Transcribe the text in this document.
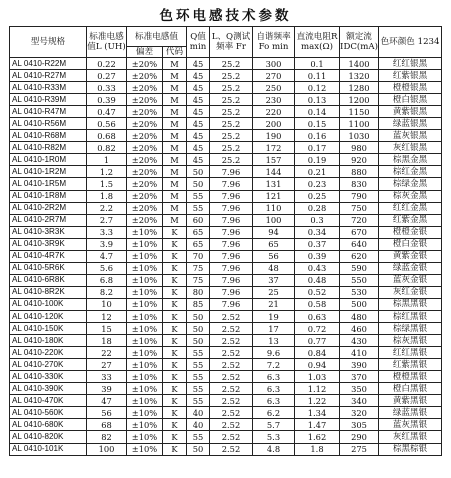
色环电感技术参数
型号规格	标准电感值L (UH)	标准电感值		Q值 min	L、Q测试频率 Fr	自谐频率Fo min	直流电阻R max(Ω)	额定流 IDC(mA)	色环颜色 1234
		偏差	代码						
AL 0410-R22M	0.22	±20%	M	45	25.2	300	0.1	1400	红红银黑
AL 0410-R27M	0.27	±20%	M	45	25.2	270	0.11	1320	红紫银黑
AL 0410-R33M	0.33	±20%	M	45	25.2	250	0.12	1280	橙橙银黑
AL 0410-R39M	0.39	±20%	M	45	25.2	230	0.13	1200	橙白银黑
AL 0410-R47M	0.47	±20%	M	45	25.2	220	0.14	1150	黄紫银黑
AL 0410-R56M	0.56	±20%	M	45	25.2	200	0.15	1100	绿蓝银黑
AL 0410-R68M	0.68	±20%	M	45	25.2	190	0.16	1030	蓝灰银黑
AL 0410-R82M	0.82	±20%	M	45	25.2	172	0.17	980	灰红银黑
AL 0410-1R0M	1	±20%	M	45	25.2	157	0.19	920	棕黑金黑
AL 0410-1R2M	1.2	±20%	M	50	7.96	144	0.21	880	棕红金黑
AL 0410-1R5M	1.5	±20%	M	50	7.96	131	0.23	830	棕绿金黑
AL 0410-1R8M	1.8	±20%	M	55	7.96	121	0.25	790	棕灰金黑
AL 0410-2R2M	2.2	±20%	M	55	7.96	110	0.28	750	红红金黑
AL 0410-2R7M	2.7	±20%	M	60	7.96	100	0.3	720	红紫金黑
AL 0410-3R3K	3.3	±10%	K	65	7.96	94	0.34	670	橙橙金银
AL 0410-3R9K	3.9	±10%	K	65	7.96	65	0.37	640	橙白金银
AL 0410-4R7K	4.7	±10%	K	70	7.96	56	0.39	620	黄紫金银
AL 0410-5R6K	5.6	±10%	K	75	7.96	48	0.43	590	绿蓝金银
AL 0410-6R8K	6.8	±10%	K	75	7.96	37	0.48	550	蓝灰金银
AL 0410-8R2K	8.2	±10%	K	80	7.96	25	0.52	530	灰红金银
AL 0410-100K	10	±10%	K	85	7.96	21	0.58	500	棕黑黑银
AL 0410-120K	12	±10%	K	50	2.52	19	0.63	480	棕红黑银
AL 0410-150K	15	±10%	K	50	2.52	17	0.72	460	棕绿黑银
AL 0410-180K	18	±10%	K	50	2.52	13	0.77	430	棕灰黑银
AL 0410-220K	22	±10%	K	55	2.52	9.6	0.84	410	红红黑银
AL 0410-270K	27	±10%	K	55	2.52	7.2	0.94	390	红紫黑银
AL 0410-330K	33	±10%	K	55	2.52	6.3	1.03	370	橙橙黑银
AL 0410-390K	39	±10%	K	55	2.52	6.3	1.12	350	橙白黑银
AL 0410-470K	47	±10%	K	55	2.52	6.3	1.22	340	黄紫黑银
AL 0410-560K	56	±10%	K	40	2.52	6.2	1.34	320	绿蓝黑银
AL 0410-680K	68	±10%	K	40	2.52	5.7	1.47	305	蓝灰黑银
AL 0410-820K	82	±10%	K	55	2.52	5.3	1.62	290	灰红黑银
AL 0410-101K	100	±10%	K	50	2.52	4.8	1.8	275	棕黑棕银
